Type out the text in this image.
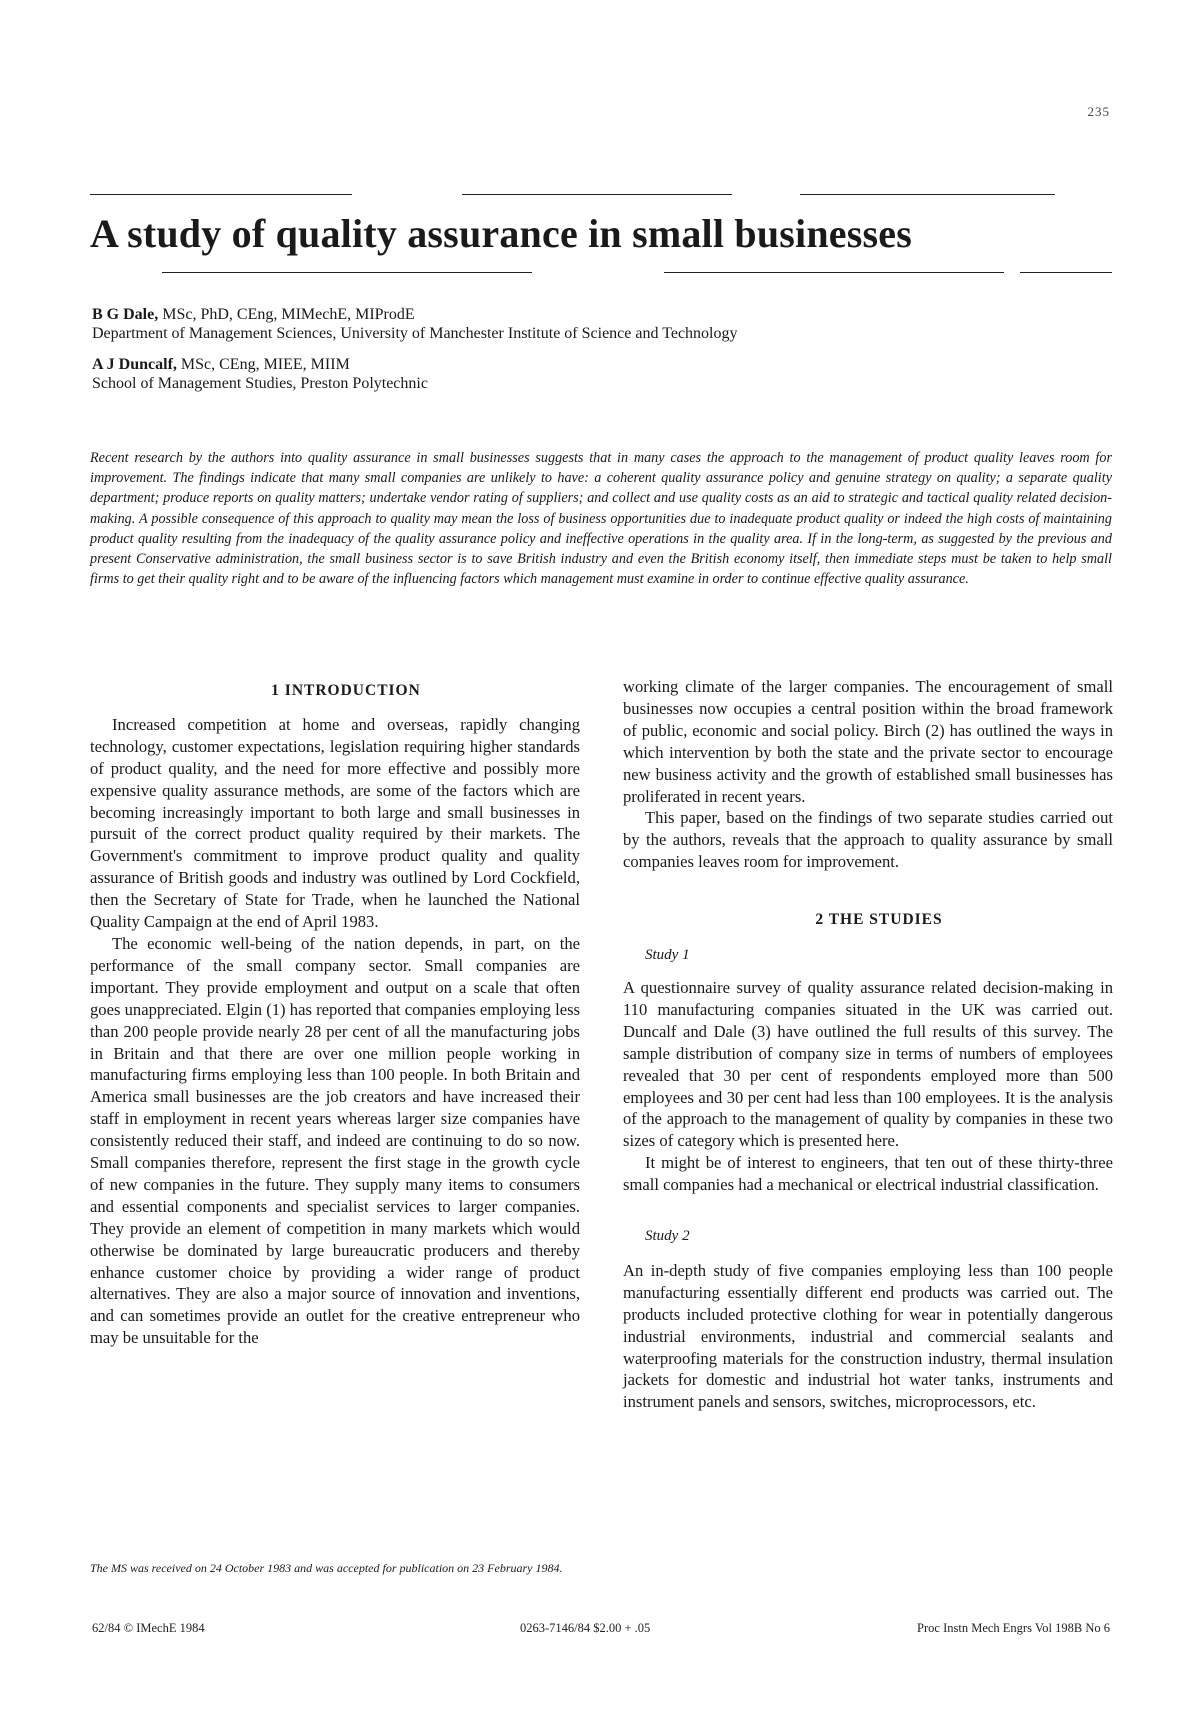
235
A study of quality assurance in small businesses
B G Dale, MSc, PhD, CEng, MIMechE, MIProdE
Department of Management Sciences, University of Manchester Institute of Science and Technology
A J Duncalf, MSc, CEng, MIEE, MIIM
School of Management Studies, Preston Polytechnic

Recent research by the authors into quality assurance in small businesses suggests that in many cases the approach to the management of product quality leaves room for improvement. The findings indicate that many small companies are unlikely to have: a coherent quality assurance policy and genuine strategy on quality; a separate quality department; produce reports on quality matters; undertake vendor rating of suppliers; and collect and use quality costs as an aid to strategic and tactical quality related decision-making. A possible consequence of this approach to quality may mean the loss of business opportunities due to inadequate product quality or indeed the high costs of maintaining product quality resulting from the inadequacy of the quality assurance policy and ineffective operations in the quality area. If in the long-term, as suggested by the previous and present Conservative administration, the small business sector is to save British industry and even the British economy itself, then immediate steps must be taken to help small firms to get their quality right and to be aware of the influencing factors which management must examine in order to continue effective quality assurance.

1 INTRODUCTION

Increased competition at home and overseas, rapidly changing technology, customer expectations, legislation requiring higher standards of product quality, and the need for more effective and possibly more expensive quality assurance methods, are some of the factors which are becoming increasingly important to both large and small businesses in pursuit of the correct product quality required by their markets. The Government's commitment to improve product quality and quality assurance of British goods and industry was outlined by Lord Cockfield, then the Secretary of State for Trade, when he launched the National Quality Campaign at the end of April 1983.

The economic well-being of the nation depends, in part, on the performance of the small company sector. Small companies are important. They provide employment and output on a scale that often goes unappreciated. Elgin (1) has reported that companies employing less than 200 people provide nearly 28 per cent of all the manufacturing jobs in Britain and that there are over one million people working in manufacturing firms employing less than 100 people. In both Britain and America small businesses are the job creators and have increased their staff in employment in recent years whereas larger size companies have consistently reduced their staff, and indeed are continuing to do so now. Small companies therefore, represent the first stage in the growth cycle of new companies in the future. They supply many items to consumers and essential components and specialist services to larger companies. They provide an element of competition in many markets which would otherwise be dominated by large bureaucratic producers and thereby enhance customer choice by providing a wider range of product alternatives. They are also a major source of innovation and inventions, and can sometimes provide an outlet for the creative entrepreneur who may be unsuitable for the

working climate of the larger companies. The encouragement of small businesses now occupies a central position within the broad framework of public, economic and social policy. Birch (2) has outlined the ways in which intervention by both the state and the private sector to encourage new business activity and the growth of established small businesses has proliferated in recent years.

This paper, based on the findings of two separate studies carried out by the authors, reveals that the approach to quality assurance by small companies leaves room for improvement.

2 THE STUDIES

Study 1

A questionnaire survey of quality assurance related decision-making in 110 manufacturing companies situated in the UK was carried out. Duncalf and Dale (3) have outlined the full results of this survey. The sample distribution of company size in terms of numbers of employees revealed that 30 per cent of respondents employed more than 500 employees and 30 per cent had less than 100 employees. It is the analysis of the approach to the management of quality by companies in these two sizes of category which is presented here.

It might be of interest to engineers, that ten out of these thirty-three small companies had a mechanical or electrical industrial classification.

Study 2

An in-depth study of five companies employing less than 100 people manufacturing essentially different end products was carried out. The products included protective clothing for wear in potentially dangerous industrial environments, industrial and commercial sealants and waterproofing materials for the construction industry, thermal insulation jackets for domestic and industrial hot water tanks, instruments and instrument panels and sensors, switches, microprocessors, etc.

The MS was received on 24 October 1983 and was accepted for publication on 23 February 1984.
62/84 © IMechE 1984	0263-7146/84 $2.00 + .05	Proc Instn Mech Engrs Vol 198B No 6
